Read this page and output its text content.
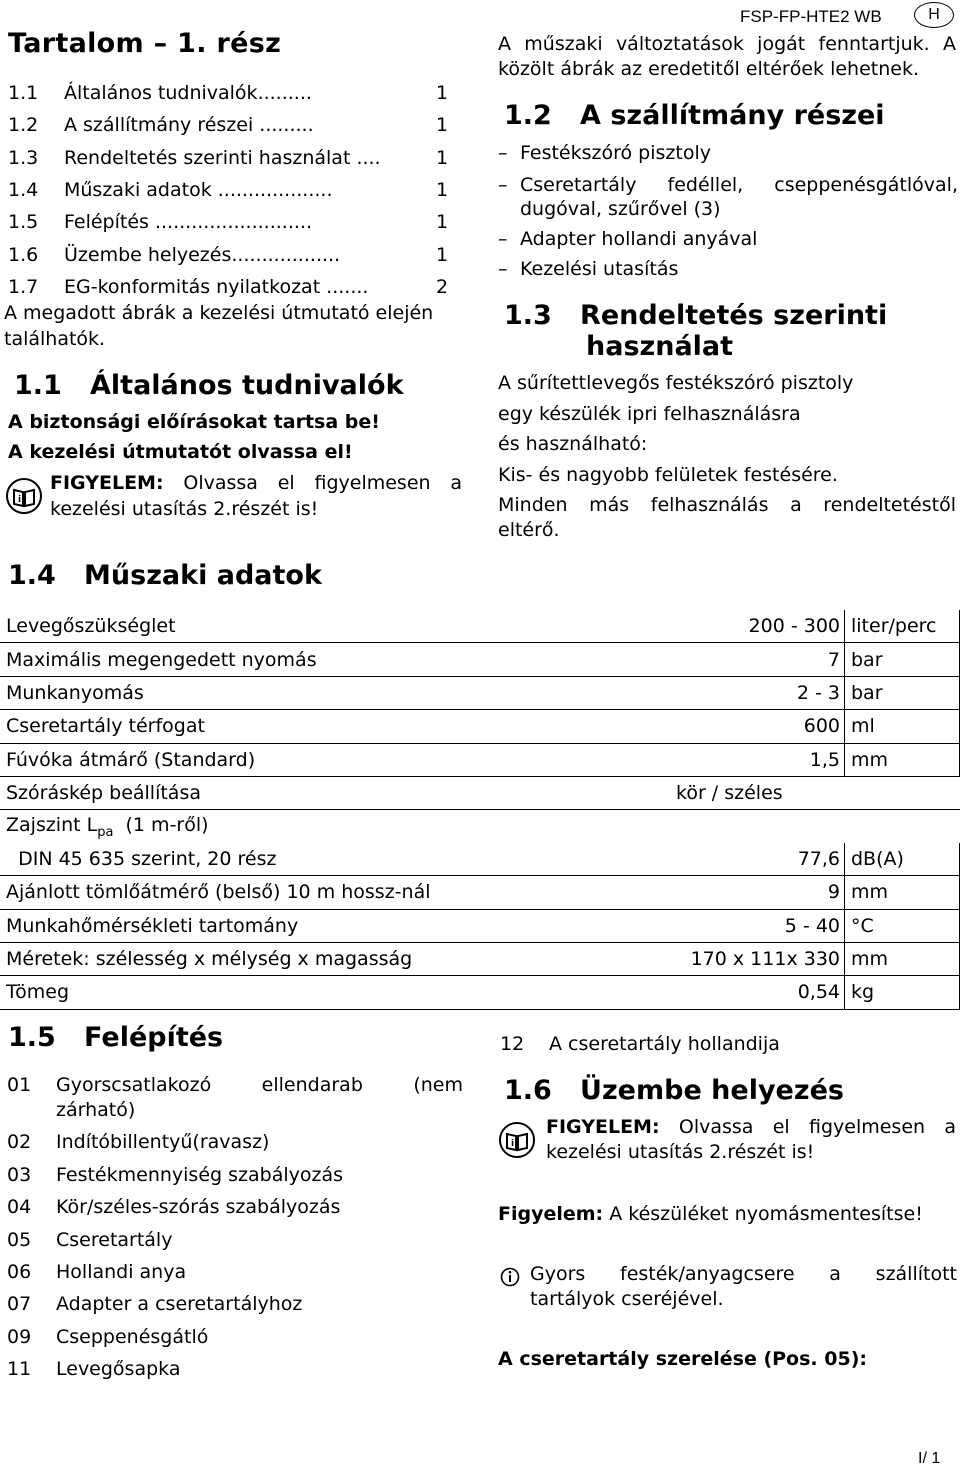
FSP-FP-HTE2 WB	H
Tartalom – 1. rész
1.1 Általános tudnivalók.........	1
1.2 A szállítmány részei .........	1
1.3 Rendeltetés szerinti használat ....	1
1.4 Műszaki adatok ...................	1
1.5 Felépítés ..........................	1
1.6 Üzembe helyezés..................	1
1.7 EG-konformitás nyilatkozat .......	2
A megadott ábrák a kezelési útmutató elején
találhatók.
1.1   Általános tudnivalók
A biztonsági előírásokat tartsa be!
A kezelési útmutatót olvassa el!
i
FIGYELEM: Olvassa el figyelmesen a
kezelési utasítás 2.részét is!
A műszaki változtatások jogát fenntartjuk. A
közölt ábrák az eredetitől eltérőek lehetnek.
1.2   A szállítmány részei
– Festékszóró pisztoly
– Cseretartály fedéllel, cseppenésgátlóval,
dugóval, szűrővel (3)
– Adapter hollandi anyával
– Kezelési utasítás
1.3   Rendeltetés szerinti
használat
A sűrítettlevegős festékszóró pisztoly
egy készülék ipri felhasználásra
és használható:
Kis- és nagyobb felületek festésére.
Minden más felhasználás a rendeltetéstől
eltérő.
1.4   Műszaki adatok
Levegőszükséglet	200 - 300	liter/perc
Maximális megengedett nyomás	7	bar
Munkanyomás	2 - 3	bar
Cseretartály térfogat	600	ml
Fúvóka átmárő (Standard)	1,5	mm
Szóráskép beállítása	kör / széles	
Zajszint $L_{pa}$  (1 m-ről)		
DIN 45 635 szerint, 20 rész	77,6	dB(A)
Ajánlott tömlőátmérő (belső) 10 m hossz-nál	9	mm
Munkahőmérsékleti tartomány	5 - 40	°C
Méretek: szélesség x mélység x magasság	170 x 111x 330	mm
Tömeg	0,54	kg
1.5   Felépítés
01 Gyorscsatlakozó ellendarab (nem
zárható)
02 Indítóbillentyű(ravasz)
03 Festékmennyiség szabályozás
04 Kör/széles-szórás szabályozás
05 Cseretartály
06 Hollandi anya
07 Adapter a cseretartályhoz
09 Cseppenésgátló
11 Levegősapka
12 A cseretartály hollandija
1.6   Üzembe helyezés
i
FIGYELEM: Olvassa el figyelmesen a
kezelési utasítás 2.részét is!
Figyelem: A készüléket nyomásmentesítse!
Gyors festék/anyagcsere a szállított
tartályok cseréjével.
A cseretartály szerelése (Pos. 05):
I/ 1
